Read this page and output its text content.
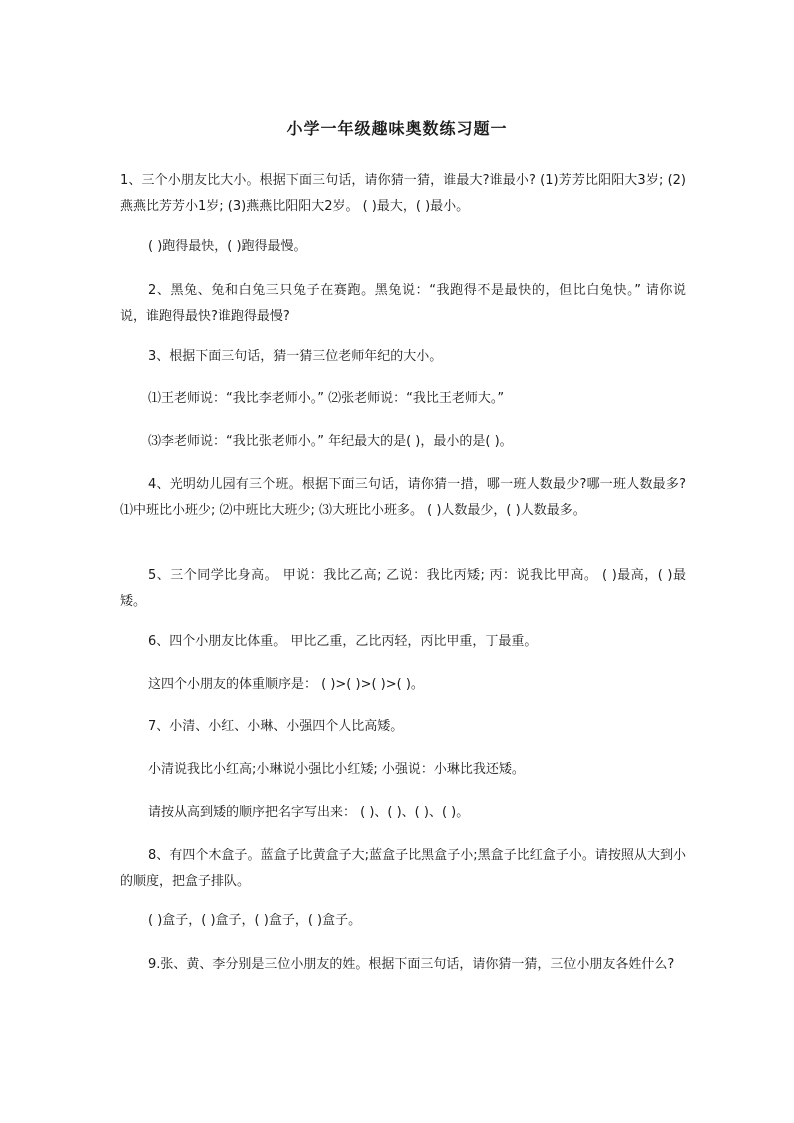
小学一年级趣味奥数练习题一

1、三个小朋友比大小。根据下面三句话，请你猜一猜，谁最大?谁最小? (1)芳芳比阳阳大3岁; (2)燕燕比芳芳小1岁; (3)燕燕比阳阳大2岁。 ( )最大，( )最小。

( )跑得最快，( )跑得最慢。

2、黑兔、兔和白兔三只兔子在赛跑。黑兔说：“我跑得不是最快的，但比白兔快。” 请你说说，谁跑得最快?谁跑得最慢?

3、根据下面三句话，猜一猜三位老师年纪的大小。

⑴王老师说：“我比李老师小。” ⑵张老师说：“我比王老师大。”

⑶李老师说：“我比张老师小。” 年纪最大的是( )，最小的是( )。

4、光明幼儿园有三个班。根据下面三句话，请你猜一措，哪一班人数最少?哪一班人数最多? ⑴中班比小班少; ⑵中班比大班少; ⑶大班比小班多。 ( )人数最少，( )人数最多。

5、三个同学比身高。 甲说：我比乙高; 乙说：我比丙矮; 丙：说我比甲高。 ( )最高，( )最矮。

6、四个小朋友比体重。 甲比乙重，乙比丙轻，丙比甲重，丁最重。

这四个小朋友的体重顺序是： ( )>( )>( )>( )。

7、小清、小红、小琳、小强四个人比高矮。

小清说我比小红高;小琳说小强比小红矮; 小强说：小琳比我还矮。

请按从高到矮的顺序把名字写出来： ( )、( )、( )、( )。

8、有四个木盒子。蓝盒子比黄盒子大;蓝盒子比黑盒子小;黑盒子比红盒子小。请按照从大到小的顺度，把盒子排队。

( )盒子，( )盒子，( )盒子，( )盒子。

9.张、黄、李分别是三位小朋友的姓。根据下面三句话，请你猜一猜，三位小朋友各姓什么?
